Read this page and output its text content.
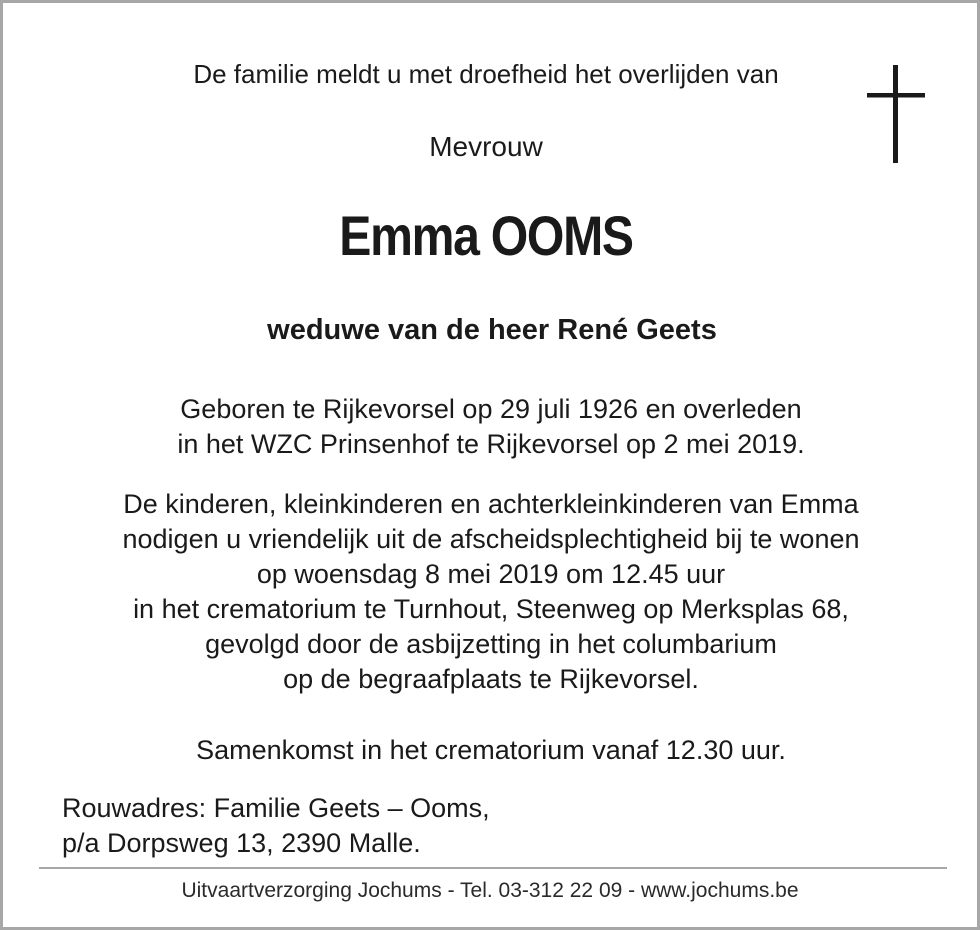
De familie meldt u met droefheid het overlijden van
Mevrouw
Emma OOMS
weduwe van de heer René Geets
Geboren te Rijkevorsel op 29 juli 1926 en overleden
in het WZC Prinsenhof te Rijkevorsel op 2 mei 2019.
De kinderen, kleinkinderen en achterkleinkinderen van Emma
nodigen u vriendelijk uit de afscheidsplechtigheid bij te wonen
op woensdag 8 mei 2019 om 12.45 uur
in het crematorium te Turnhout, Steenweg op Merksplas 68,
gevolgd door de asbijzetting in het columbarium
op de begraafplaats te Rijkevorsel.
Samenkomst in het crematorium vanaf 12.30 uur.
Rouwadres: Familie Geets – Ooms,
p/a Dorpsweg 13, 2390 Malle.
Uitvaartverzorging Jochums - Tel. 03-312 22 09 - www.jochums.be
